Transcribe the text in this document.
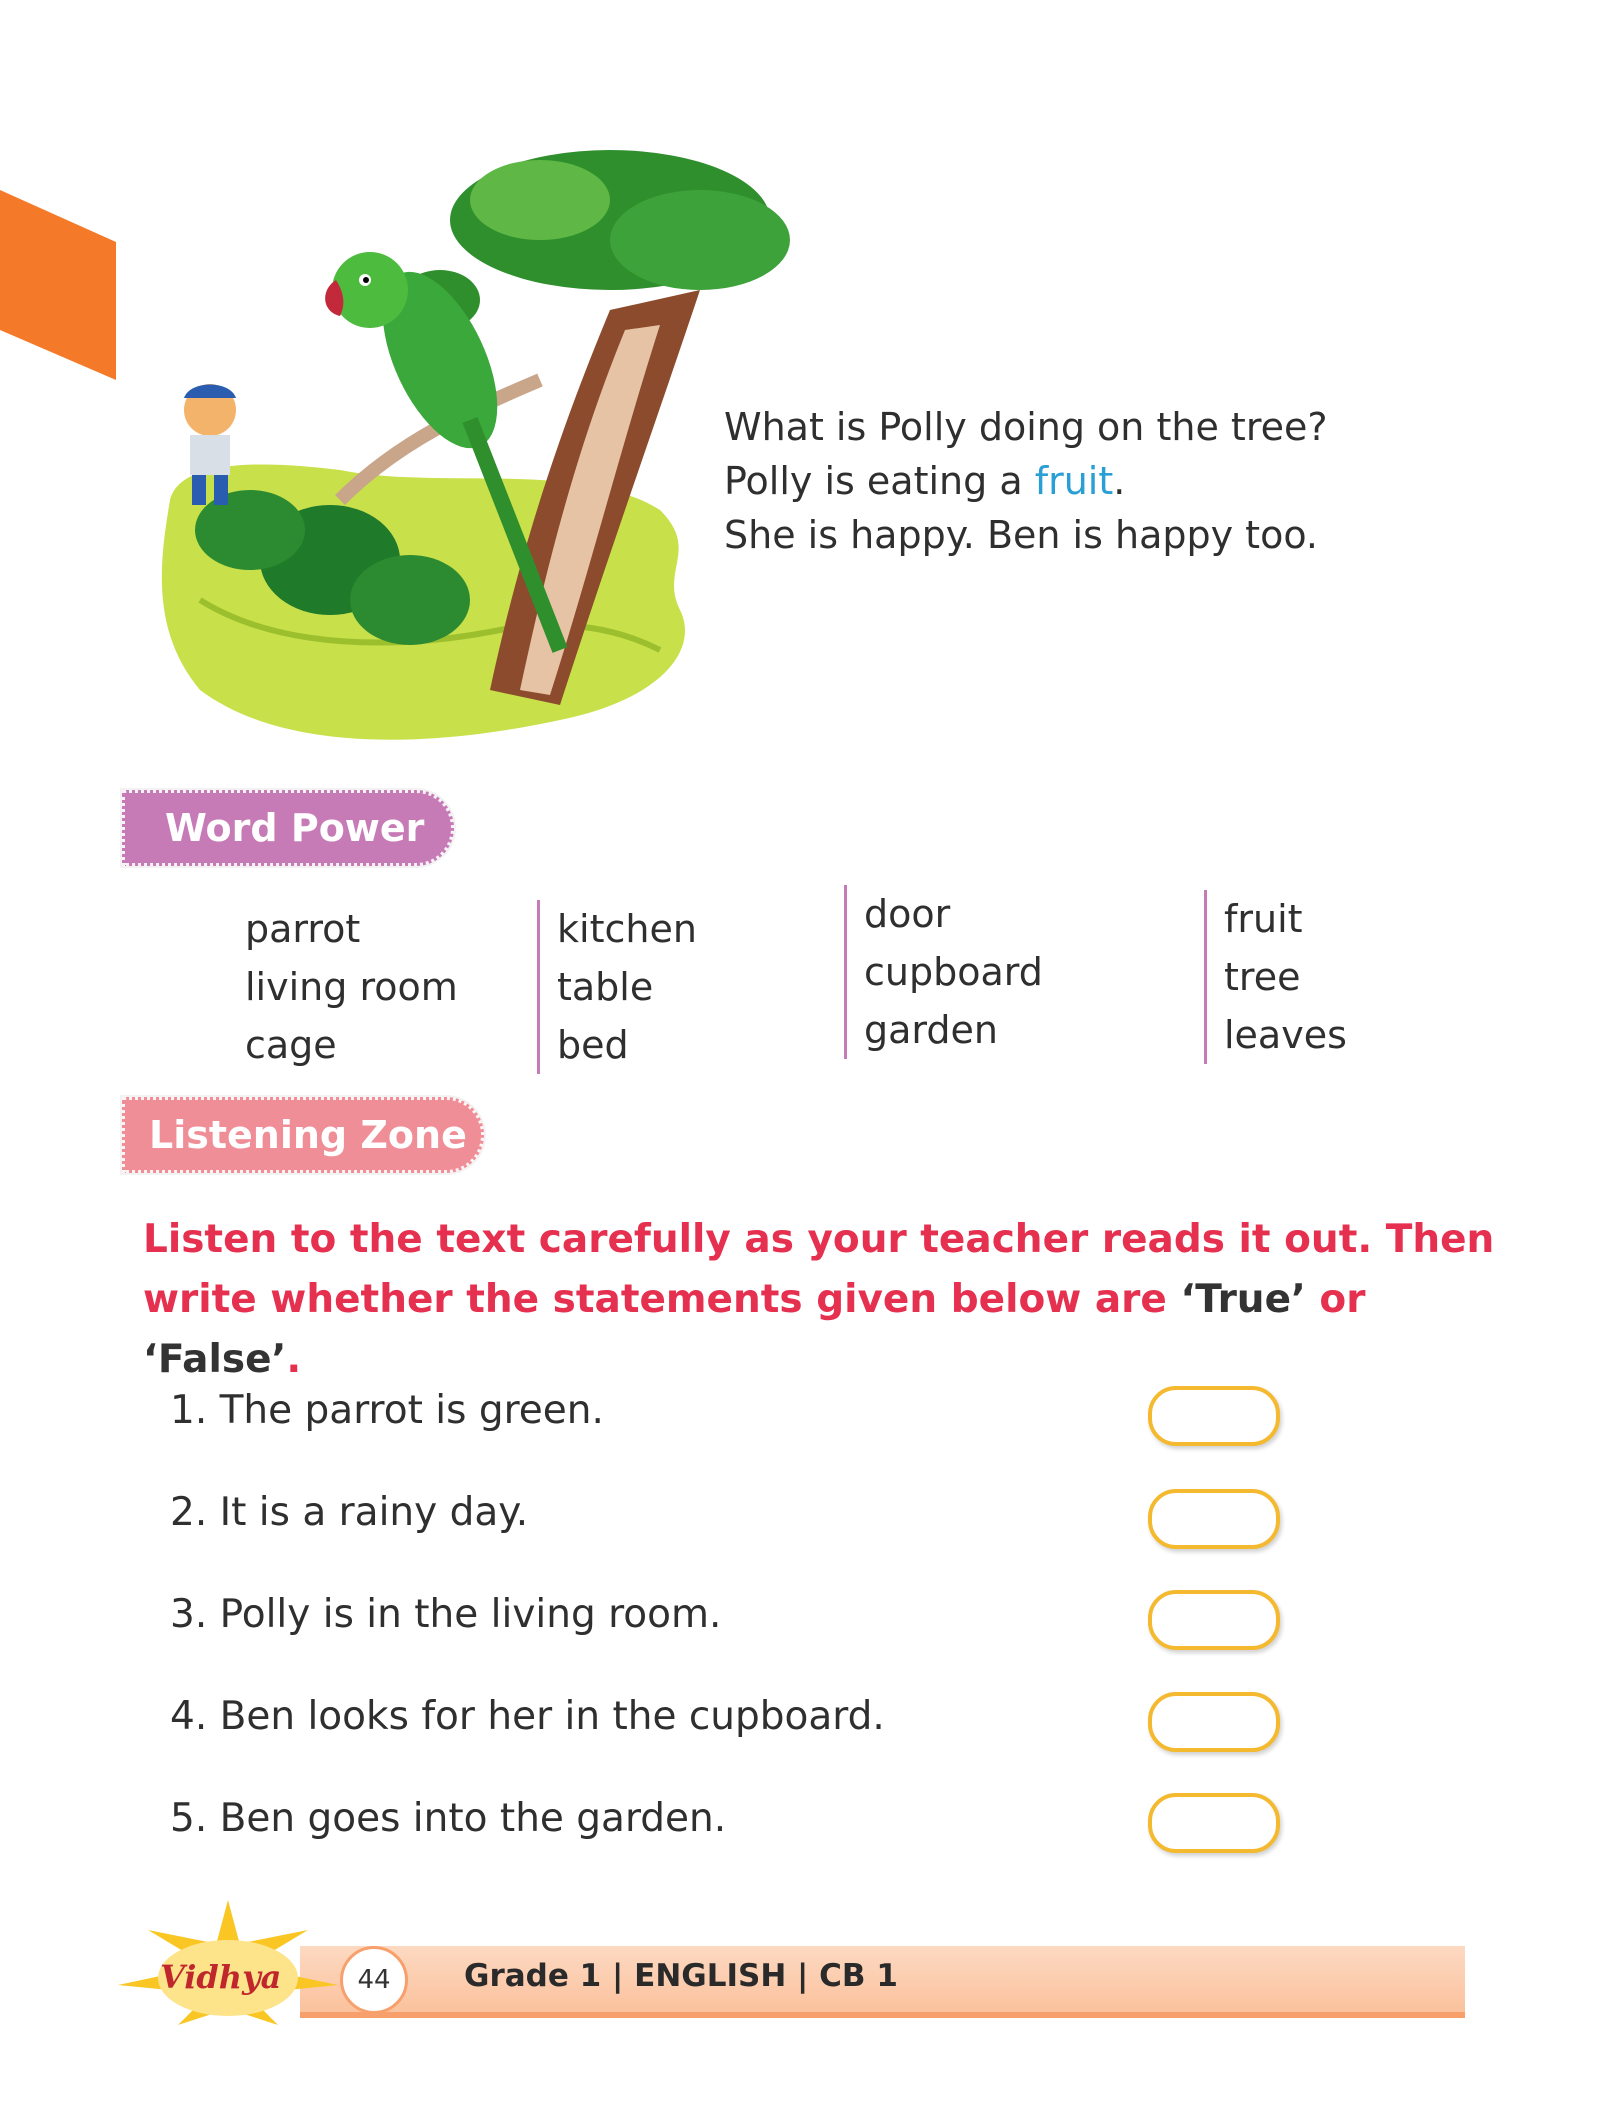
What is Polly doing on the tree?
Polly is eating a fruit.
She is happy. Ben is happy too.
Word Power
parrot
living room
cage
kitchen
table
bed
door
cupboard
garden
fruit
tree
leaves
Listening Zone
Listen to the text carefully as your teacher reads it out. Then write whether the statements given below are ‘True’ or ‘False’.
1. The parrot is green.
2. It is a rainy day.
3. Polly is in the living room.
4. Ben looks for her in the cupboard.
5. Ben goes into the garden.
Vidhya	44	Grade 1 | ENGLISH | CB 1
